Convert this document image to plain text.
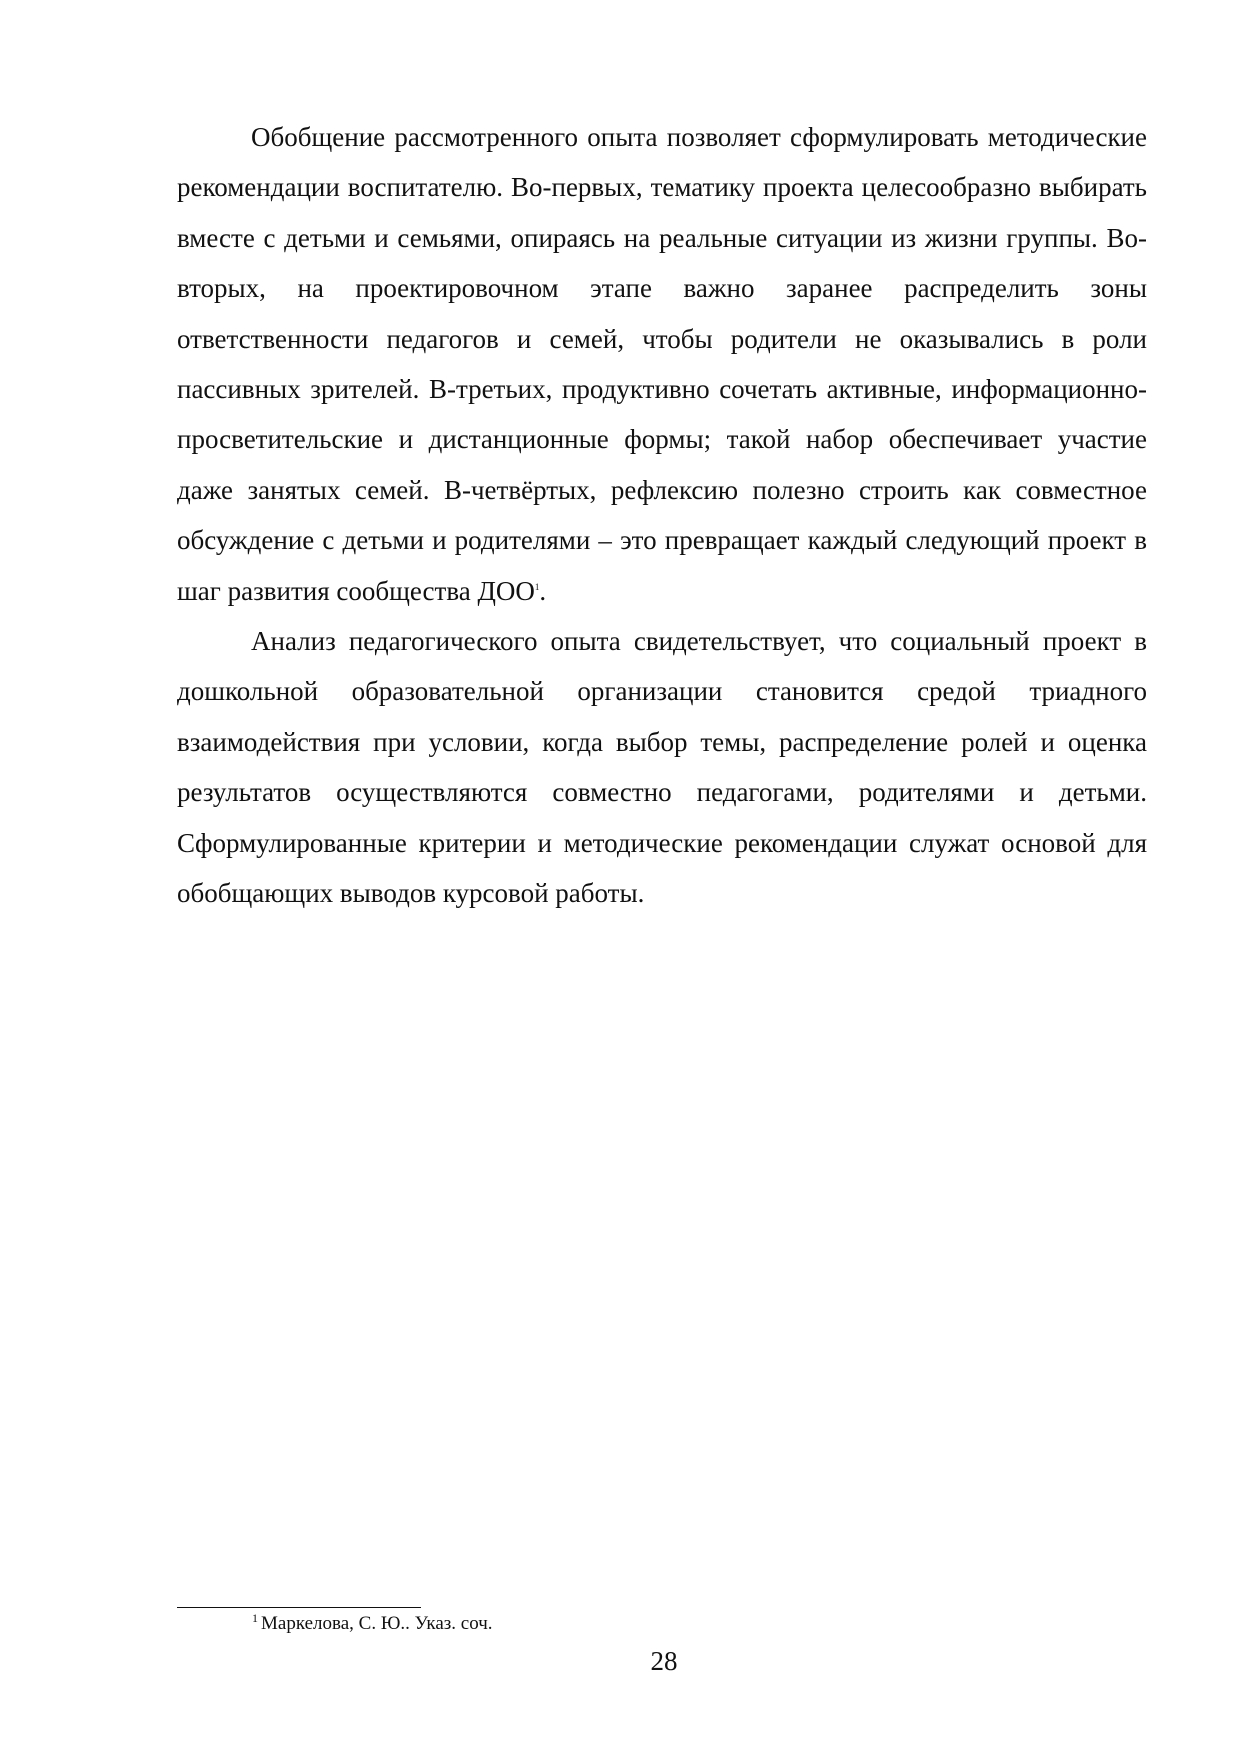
Обобщение рассмотренного опыта позволяет сформулировать методические рекомендации воспитателю. Во-первых, тематику проекта целесообразно выбирать вместе с детьми и семьями, опираясь на реальные ситуации из жизни группы. Во-вторых, на проектировочном этапе важно заранее распределить зоны ответственности педагогов и семей, чтобы родители не оказывались в роли пассивных зрителей. В-третьих, продуктивно сочетать активные, информационно-просветительские и дистанционные формы; такой набор обеспечивает участие даже занятых семей. В-четвёртых, рефлексию полезно строить как совместное обсуждение с детьми и родителями – это превращает каждый следующий проект в шаг развития сообщества ДОО$^1$.

Анализ педагогического опыта свидетельствует, что социальный проект в дошкольной образовательной организации становится средой триадного взаимодействия при условии, когда выбор темы, распределение ролей и оценка результатов осуществляются совместно педагогами, родителями и детьми. Сформулированные критерии и методические рекомендации служат основой для обобщающих выводов курсовой работы.

$^1$ Маркелова, С. Ю.. Указ. соч.
28
